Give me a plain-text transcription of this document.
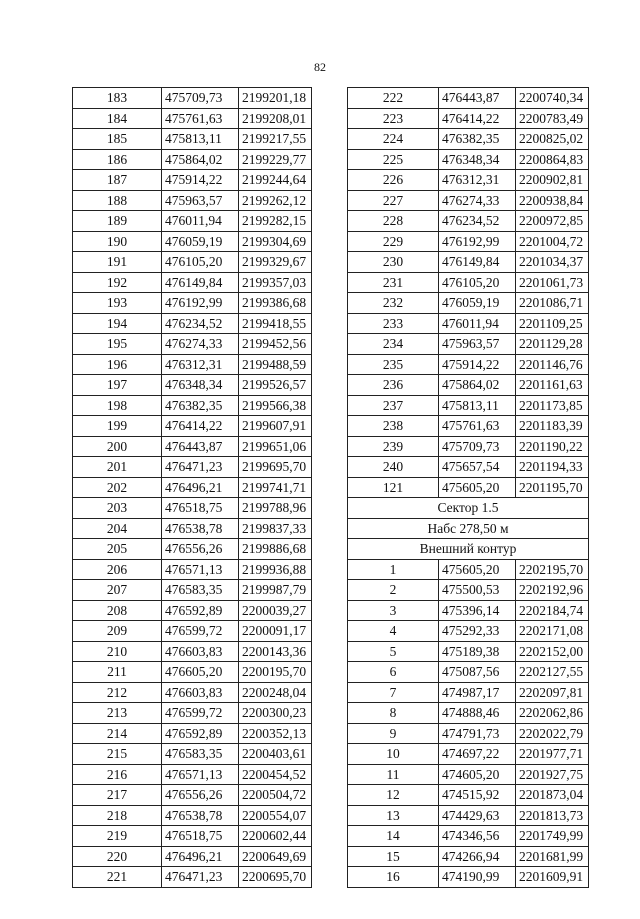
82
183	475709,73	2199201,18
184	475761,63	2199208,01
185	475813,11	2199217,55
186	475864,02	2199229,77
187	475914,22	2199244,64
188	475963,57	2199262,12
189	476011,94	2199282,15
190	476059,19	2199304,69
191	476105,20	2199329,67
192	476149,84	2199357,03
193	476192,99	2199386,68
194	476234,52	2199418,55
195	476274,33	2199452,56
196	476312,31	2199488,59
197	476348,34	2199526,57
198	476382,35	2199566,38
199	476414,22	2199607,91
200	476443,87	2199651,06
201	476471,23	2199695,70
202	476496,21	2199741,71
203	476518,75	2199788,96
204	476538,78	2199837,33
205	476556,26	2199886,68
206	476571,13	2199936,88
207	476583,35	2199987,79
208	476592,89	2200039,27
209	476599,72	2200091,17
210	476603,83	2200143,36
211	476605,20	2200195,70
212	476603,83	2200248,04
213	476599,72	2200300,23
214	476592,89	2200352,13
215	476583,35	2200403,61
216	476571,13	2200454,52
217	476556,26	2200504,72
218	476538,78	2200554,07
219	476518,75	2200602,44
220	476496,21	2200649,69
221	476471,23	2200695,70
222	476443,87	2200740,34
223	476414,22	2200783,49
224	476382,35	2200825,02
225	476348,34	2200864,83
226	476312,31	2200902,81
227	476274,33	2200938,84
228	476234,52	2200972,85
229	476192,99	2201004,72
230	476149,84	2201034,37
231	476105,20	2201061,73
232	476059,19	2201086,71
233	476011,94	2201109,25
234	475963,57	2201129,28
235	475914,22	2201146,76
236	475864,02	2201161,63
237	475813,11	2201173,85
238	475761,63	2201183,39
239	475709,73	2201190,22
240	475657,54	2201194,33
121	475605,20	2201195,70
Сектор 1.5		
Набс 278,50 м		
Внешний контур		
1	475605,20	2202195,70
2	475500,53	2202192,96
3	475396,14	2202184,74
4	475292,33	2202171,08
5	475189,38	2202152,00
6	475087,56	2202127,55
7	474987,17	2202097,81
8	474888,46	2202062,86
9	474791,73	2202022,79
10	474697,22	2201977,71
11	474605,20	2201927,75
12	474515,92	2201873,04
13	474429,63	2201813,73
14	474346,56	2201749,99
15	474266,94	2201681,99
16	474190,99	2201609,91
